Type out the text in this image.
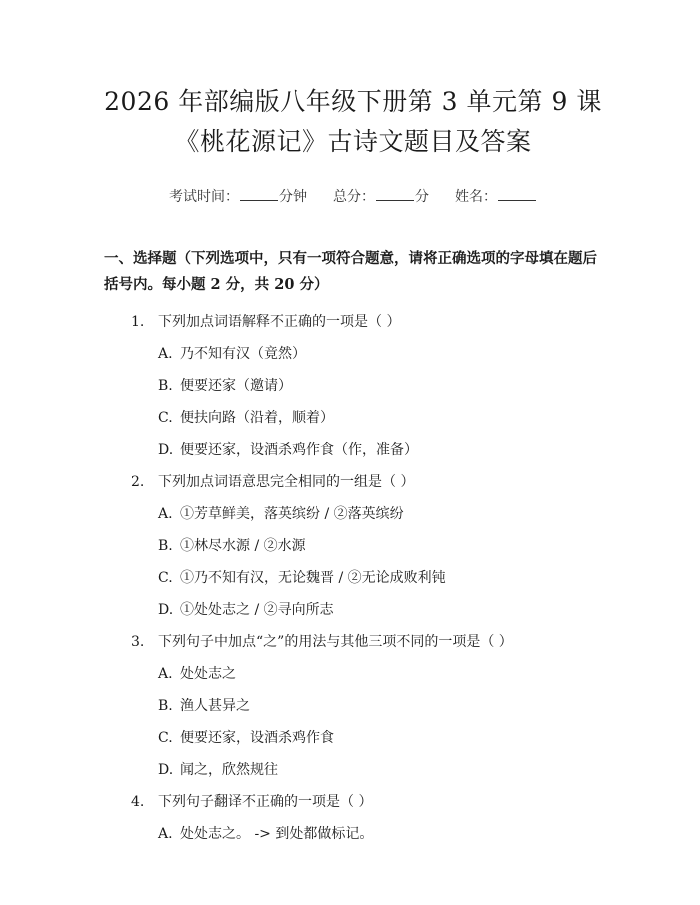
2026 年部编版八年级下册第 3 单元第 9 课
《桃花源记》古诗文题目及答案
考试时间：	分钟 总分：	分 姓名：
一、选择题（下列选项中，只有一项符合题意，请将正确选项的字母填在题后括号内。每小题 2 分，共 20 分）
1. 下列加点词语解释不正确的一项是（ ）
A. 乃不知有汉（竟然）
B. 便要还家（邀请）
C. 便扶向路（沿着，顺着）
D. 便要还家，设酒杀鸡作食（作，准备）
2. 下列加点词语意思完全相同的一组是（ ）
A. ①芳草鲜美，落英缤纷 / ②落英缤纷
B. ①林尽水源 / ②水源
C. ①乃不知有汉，无论魏晋 / ②无论成败利钝
D. ①处处志之 / ②寻向所志
3. 下列句子中加点“之”的用法与其他三项不同的一项是（ ）
A. 处处志之
B. 渔人甚异之
C. 便要还家，设酒杀鸡作食
D. 闻之，欣然规往
4. 下列句子翻译不正确的一项是（ ）
A. 处处志之。 -> 到处都做标记。
